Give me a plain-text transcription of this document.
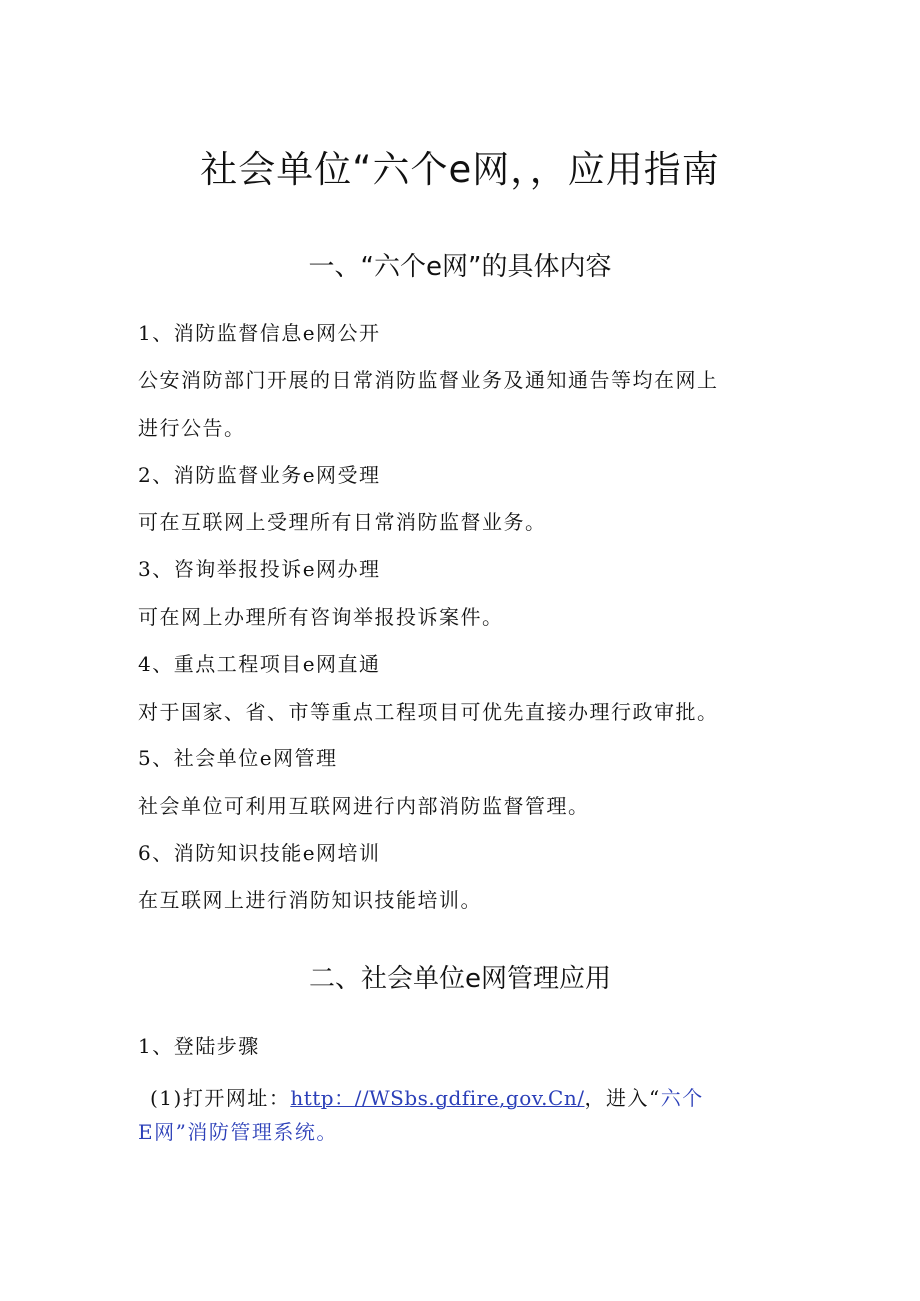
社会单位“六个e网，，应用指南
一、“六个e网”的具体内容

1、消防监督信息e网公开

公安消防部门开展的日常消防监督业务及通知通告等均在网上

进行公告。

2、消防监督业务e网受理

可在互联网上受理所有日常消防监督业务。

3、咨询举报投诉e网办理

可在网上办理所有咨询举报投诉案件。

4、重点工程项目e网直通

对于国家、省、市等重点工程项目可优先直接办理行政审批。

5、社会单位e网管理

社会单位可利用互联网进行内部消防监督管理。

6、消防知识技能e网培训

在互联网上进行消防知识技能培训。

二、社会单位e网管理应用

1、登陆步骤

(1)打开网址：http：//WSbs.gdfire,gov.Cn/，进入“六个

E网”消防管理系统。
